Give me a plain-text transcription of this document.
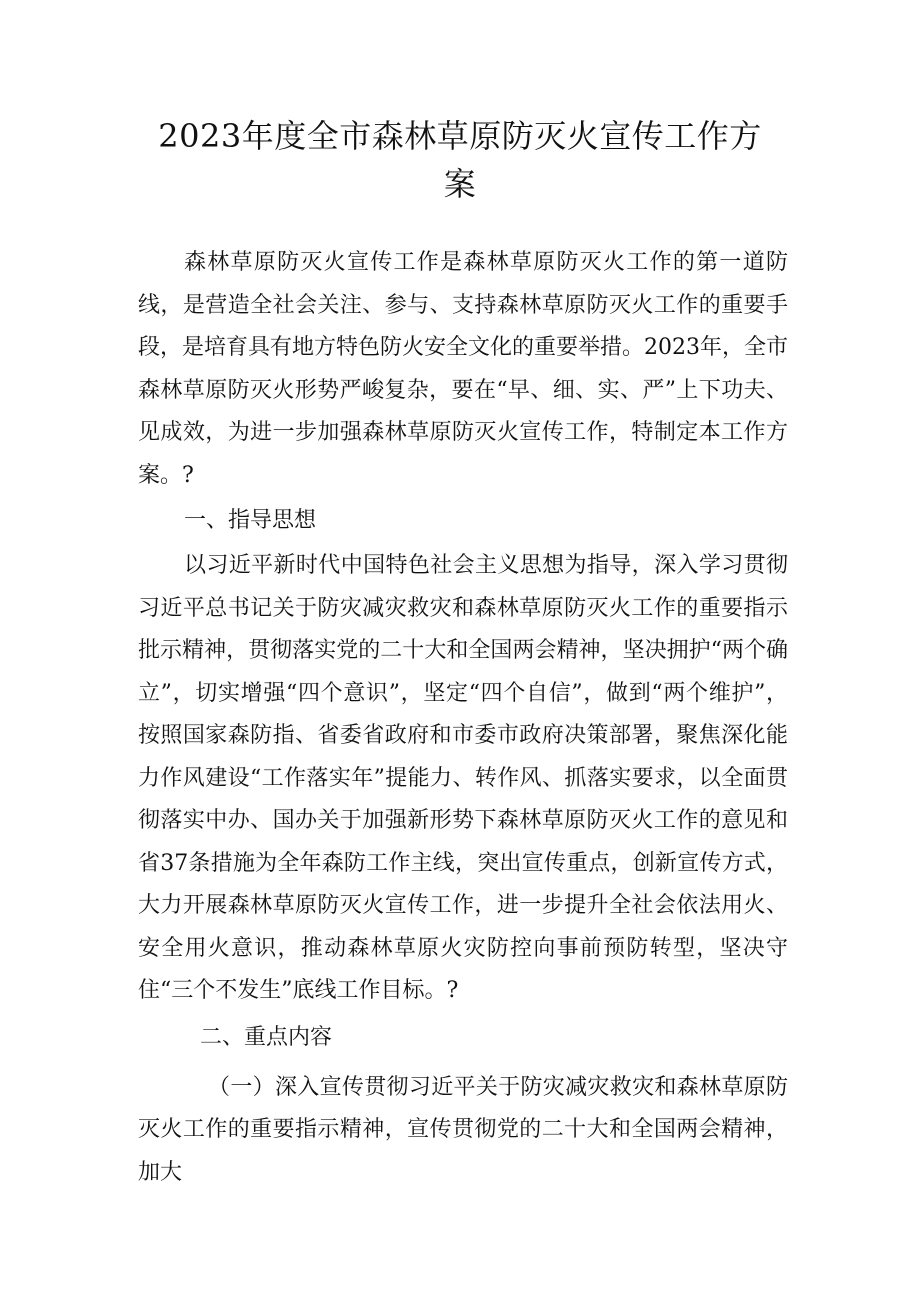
2023年度全市森林草原防灭火宣传工作方
案

森林草原防灭火宣传工作是森林草原防灭火工作的第一道防线，是营造全社会关注、参与、支持森林草原防灭火工作的重要手段，是培育具有地方特色防火安全文化的重要举措。2023年，全市森林草原防灭火形势严峻复杂，要在“早、细、实、严”上下功夫、见成效，为进一步加强森林草原防灭火宣传工作，特制定本工作方案。?

一、指导思想

以习近平新时代中国特色社会主义思想为指导，深入学习贯彻习近平总书记关于防灾减灾救灾和森林草原防灭火工作的重要指示批示精神，贯彻落实党的二十大和全国两会精神，坚决拥护“两个确立”，切实增强“四个意识”，坚定“四个自信”，做到“两个维护”，按照国家森防指、省委省政府和市委市政府决策部署，聚焦深化能力作风建设“工作落实年”提能力、转作风、抓落实要求，以全面贯彻落实中办、国办关于加强新形势下森林草原防灭火工作的意见和省37条措施为全年森防工作主线，突出宣传重点，创新宣传方式，大力开展森林草原防灭火宣传工作，进一步提升全社会依法用火、安全用火意识，推动森林草原火灾防控向事前预防转型，坚决守住“三个不发生”底线工作目标。?

二、重点内容

（一）深入宣传贯彻习近平关于防灾减灾救灾和森林草原防灭火工作的重要指示精神，宣传贯彻党的二十大和全国两会精神，加大
